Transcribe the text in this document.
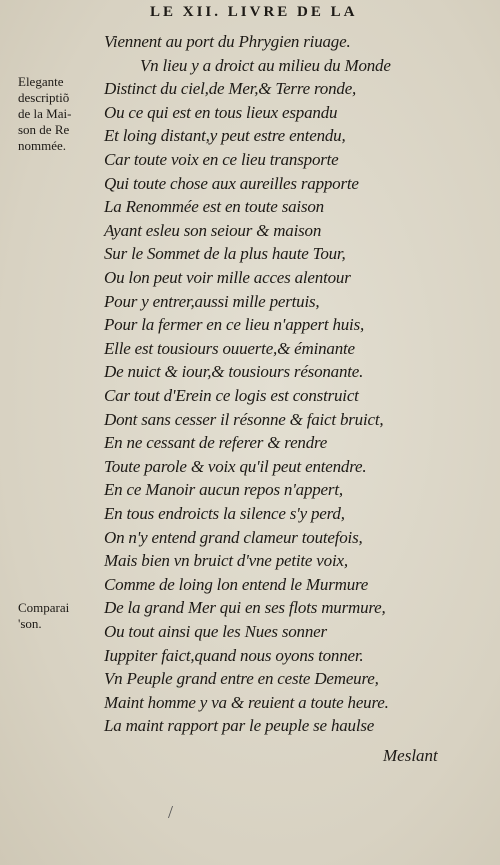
LE XII. LIVRE DE LA
Elegante
descriptiõ
de la Mai-
son de Re
nommée.
Comparai
'son.
Viennent au port du Phrygien riuage.
Vn lieu y a droict au milieu du Monde
Distinct du ciel,de Mer,& Terre ronde,
Ou ce qui est en tous lieux espandu
Et loing distant,y peut estre entendu,
Car toute voix en ce lieu transporte
Qui toute chose aux aureilles rapporte
La Renommée est en toute saison
Ayant esleu son seiour & maison
Sur le Sommet de la plus haute Tour,
Ou lon peut voir mille acces alentour
Pour y entrer,aussi mille pertuis,
Pour la fermer en ce lieu n'appert huis,
Elle est tousiours ouuerte,& éminante
De nuict & iour,& tousiours résonante.
Car tout d'Erein ce logis est construict
Dont sans cesser il résonne & faict bruict,
En ne cessant de referer & rendre
Toute parole & voix qu'il peut entendre.
En ce Manoir aucun repos n'appert,
En tous endroicts la silence s'y perd,
On n'y entend grand clameur toutefois,
Mais bien vn bruict d'vne petite voix,
Comme de loing lon entend le Murmure
De la grand Mer qui en ses flots murmure,
Ou tout ainsi que les Nues sonner
Iuppiter faict,quand nous oyons tonner.
Vn Peuple grand entre en ceste Demeure,
Maint homme y va & reuient a toute heure.
La maint rapport par le peuple se haulse
Meslant
/
